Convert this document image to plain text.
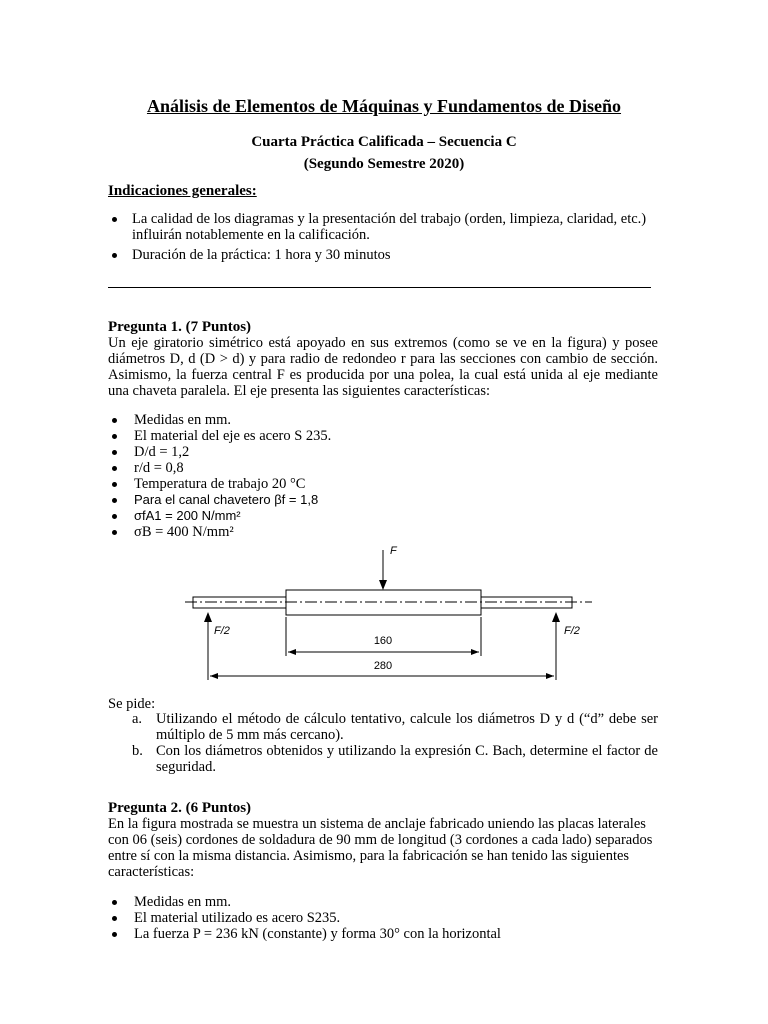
Análisis de Elementos de Máquinas y Fundamentos de Diseño
Cuarta Práctica Calificada – Secuencia C
(Segundo Semestre 2020)
Indicaciones generales:
La calidad de los diagramas y la presentación del trabajo (orden, limpieza, claridad, etc.) influirán notablemente en la calificación.
Duración de la práctica: 1 hora y 30 minutos
Pregunta 1. (7 Puntos)
Un eje giratorio simétrico está apoyado en sus extremos (como se ve en la figura) y posee diámetros D, d (D > d) y para radio de redondeo r para las secciones con cambio de sección. Asimismo, la fuerza central F es producida por una polea, la cual está unida al eje mediante una chaveta paralela. El eje presenta las siguientes características:
Medidas en mm.
El material del eje es acero S 235.
D/d = 1,2
r/d = 0,8
Temperatura de trabajo 20 °C
Para el canal chavetero βf = 1,8
σfA1 = 200 N/mm²
σB = 400 N/mm²
F
F/2	F/2
160
280
Se pide:
a. Utilizando el método de cálculo tentativo, calcule los diámetros D y d (“d” debe ser múltiplo de 5 mm más cercano).
b. Con los diámetros obtenidos y utilizando la expresión C. Bach, determine el factor de seguridad.
Pregunta 2. (6 Puntos)
En la figura mostrada se muestra un sistema de anclaje fabricado uniendo las placas laterales con 06 (seis) cordones de soldadura de 90 mm de longitud (3 cordones a cada lado) separados entre sí con la misma distancia. Asimismo, para la fabricación se han tenido las siguientes características:
Medidas en mm.
El material utilizado es acero S235.
La fuerza P = 236 kN (constante) y forma 30° con la horizontal
